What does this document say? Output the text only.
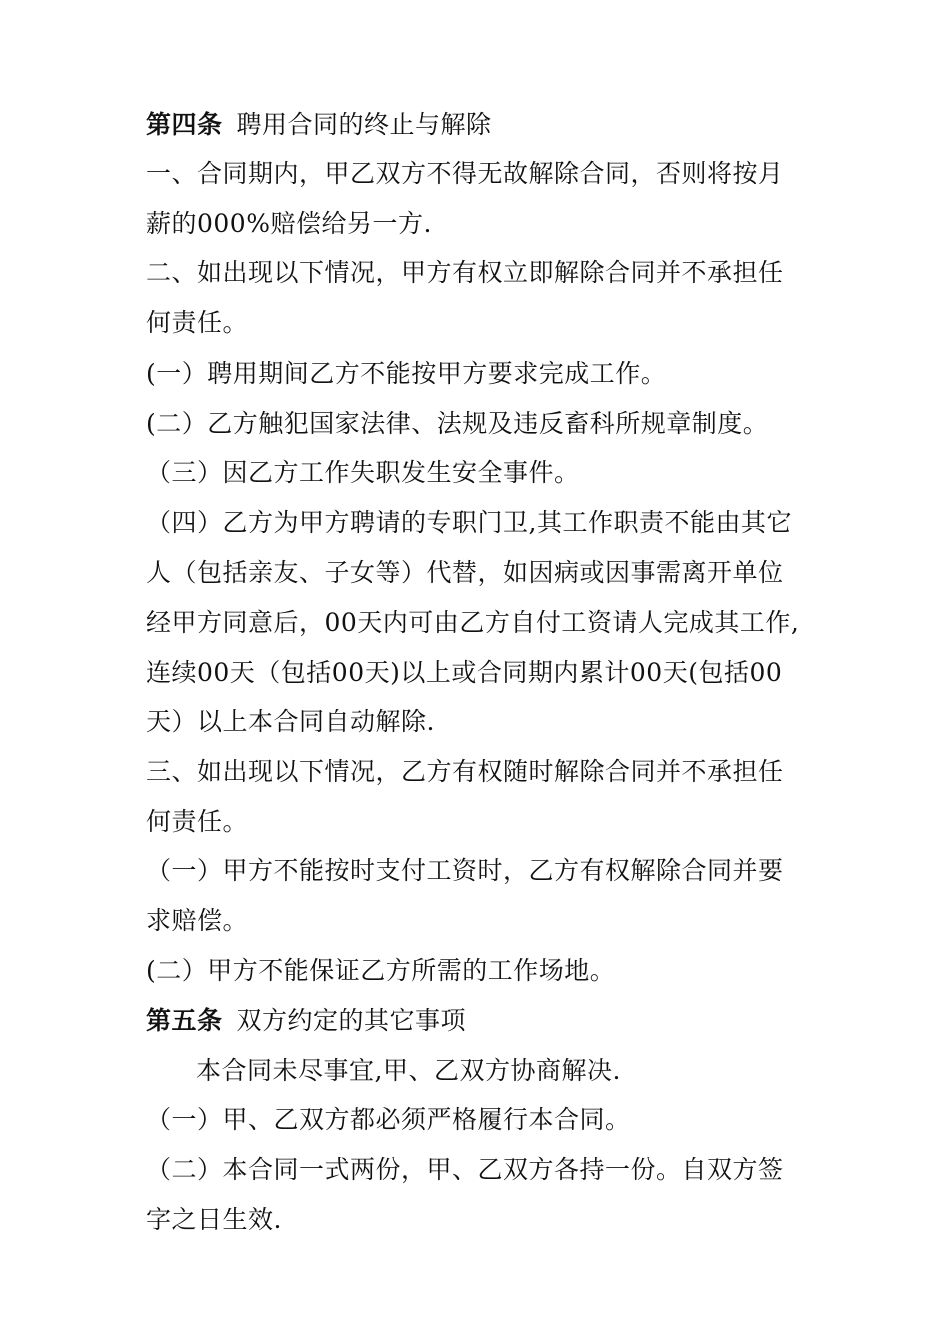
第四条 聘用合同的终止与解除
一、合同期内，甲乙双方不得无故解除合同，否则将按月
薪的000%赔偿给另一方.
二、如出现以下情况，甲方有权立即解除合同并不承担任
何责任。
(一）聘用期间乙方不能按甲方要求完成工作。
(二）乙方触犯国家法律、法规及违反畜科所规章制度。
（三）因乙方工作失职发生安全事件。
（四）乙方为甲方聘请的专职门卫,其工作职责不能由其它
人（包括亲友、子女等）代替，如因病或因事需离开单位
经甲方同意后，00天内可由乙方自付工资请人完成其工作,
连续00天（包括00天)以上或合同期内累计00天(包括00
天）以上本合同自动解除.
三、如出现以下情况，乙方有权随时解除合同并不承担任
何责任。
（一）甲方不能按时支付工资时，乙方有权解除合同并要
求赔偿。
(二）甲方不能保证乙方所需的工作场地。
第五条 双方约定的其它事项
本合同未尽事宜,甲、乙双方协商解决.
（一）甲、乙双方都必须严格履行本合同。
（二）本合同一式两份，甲、乙双方各持一份。自双方签
字之日生效.
